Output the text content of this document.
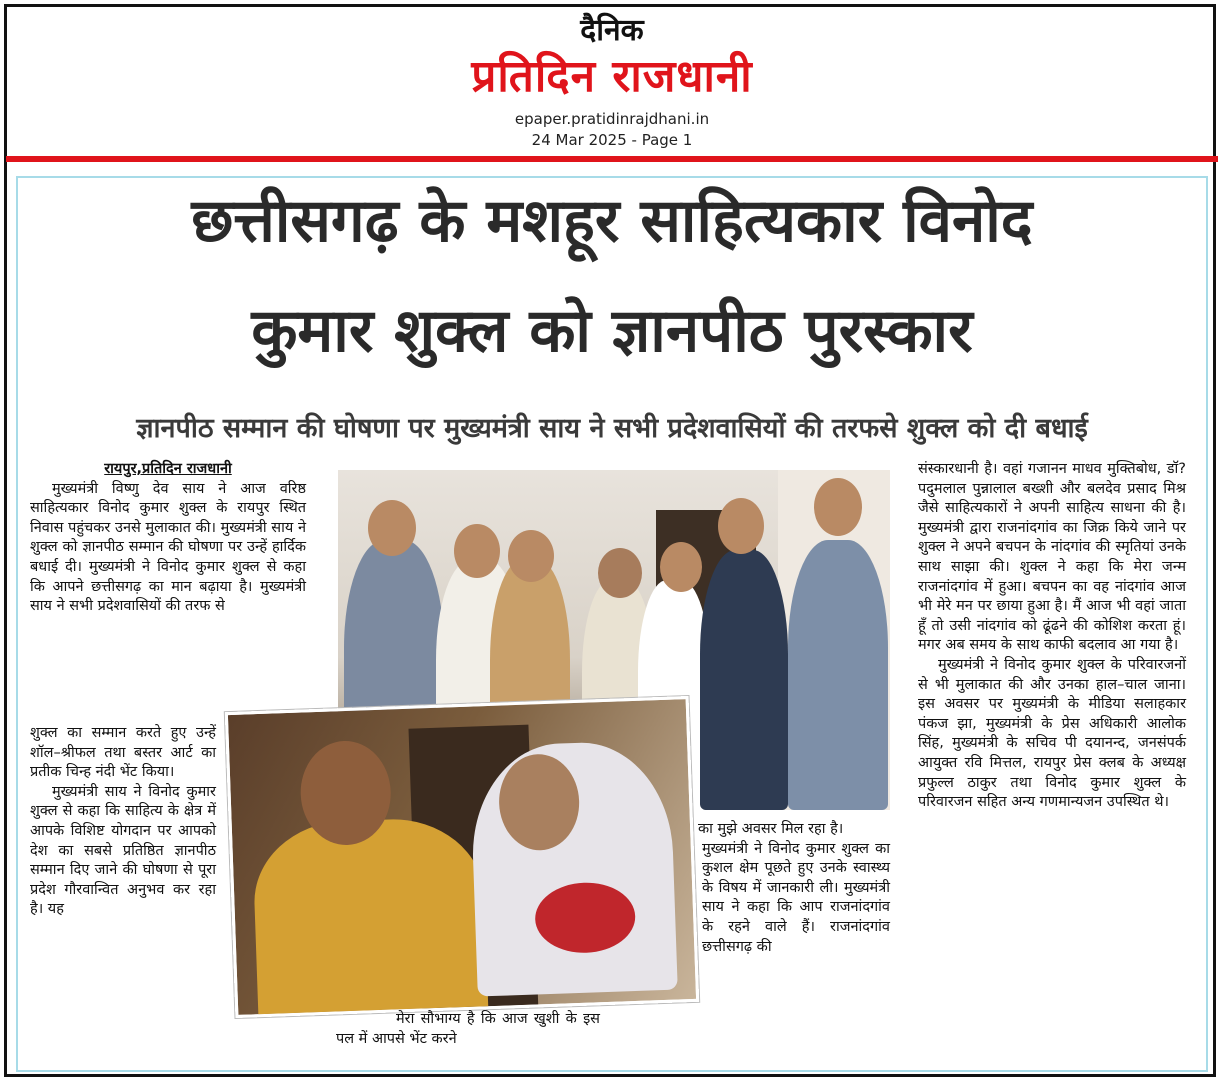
दैनिक
प्रतिदिन राजधानी
epaper.pratidinrajdhani.in
24 Mar 2025 - Page 1
छत्तीसगढ़ के मशहूर साहित्यकार विनोद
कुमार शुक्ल को ज्ञानपीठ पुरस्कार
ज्ञानपीठ सम्मान की घोषणा पर मुख्यमंत्री साय ने सभी प्रदेशवासियों की तरफसे शुक्ल को दी बधाई

रायपुर,प्रतिदिन राजधानी

मुख्यमंत्री विष्णु देव साय ने आज वरिष्ठ साहित्यकार विनोद कुमार शुक्ल के रायपुर स्थित निवास पहुंचकर उनसे मुलाकात की। मुख्यमंत्री साय ने शुक्ल को ज्ञानपीठ सम्मान की घोषणा पर उन्हें हार्दिक बधाई दी। मुख्यमंत्री ने विनोद कुमार शुक्ल से कहा कि आपने छत्तीसगढ़ का मान बढ़ाया है। मुख्यमंत्री साय ने सभी प्रदेशवासियों की तरफ से

शुक्ल का सम्मान करते हुए उन्हें शॉल–श्रीफल तथा बस्तर आर्ट का प्रतीक चिन्ह नंदी भेंट किया।

मुख्यमंत्री साय ने विनोद कुमार शुक्ल से कहा कि साहित्य के क्षेत्र में आपके विशिष्ट योगदान पर आपको देश का सबसे प्रतिष्ठित ज्ञानपीठ सम्मान दिए जाने की घोषणा से पूरा प्रदेश गौरवान्वित अनुभव कर रहा है। यह

मेरा सौभाग्य है कि आज खुशी के इस पल में आपसे भेंट करने

का मुझे अवसर मिल रहा है।

मुख्यमंत्री ने विनोद कुमार शुक्ल का कुशल क्षेम पूछते हुए उनके स्वास्थ्य के विषय में जानकारी ली। मुख्यमंत्री साय ने कहा कि आप राजनांदगांव के रहने वाले हैं। राजनांदगांव छत्तीसगढ़ की

संस्कारधानी है। वहां गजानन माधव मुक्तिबोध, डॉ? पदुमलाल पुन्नालाल बख्शी और बलदेव प्रसाद मिश्र जैसे साहित्यकारों ने अपनी साहित्य साधना की है। मुख्यमंत्री द्वारा राजनांदगांव का जिक्र किये जाने पर शुक्ल ने अपने बचपन के नांदगांव की स्मृतियां उनके साथ साझा की। शुक्ल ने कहा कि मेरा जन्म राजनांदगांव में हुआ। बचपन का वह नांदगांव आज भी मेरे मन पर छाया हुआ है। मैं आज भी वहां जाता हूँ तो उसी नांदगांव को ढूंढने की कोशिश करता हूं। मगर अब समय के साथ काफी बदलाव आ गया है।

मुख्यमंत्री ने विनोद कुमार शुक्ल के परिवारजनों से भी मुलाकात की और उनका हाल–चाल जाना। इस अवसर पर मुख्यमंत्री के मीडिया सलाहकार पंकज झा, मुख्यमंत्री के प्रेस अधिकारी आलोक सिंह, मुख्यमंत्री के सचिव पी दयानन्द, जनसंपर्क आयुक्त रवि मित्तल, रायपुर प्रेस क्लब के अध्यक्ष प्रफुल्ल ठाकुर तथा विनोद कुमार शुक्ल के परिवारजन सहित अन्य गणमान्यजन उपस्थित थे।
